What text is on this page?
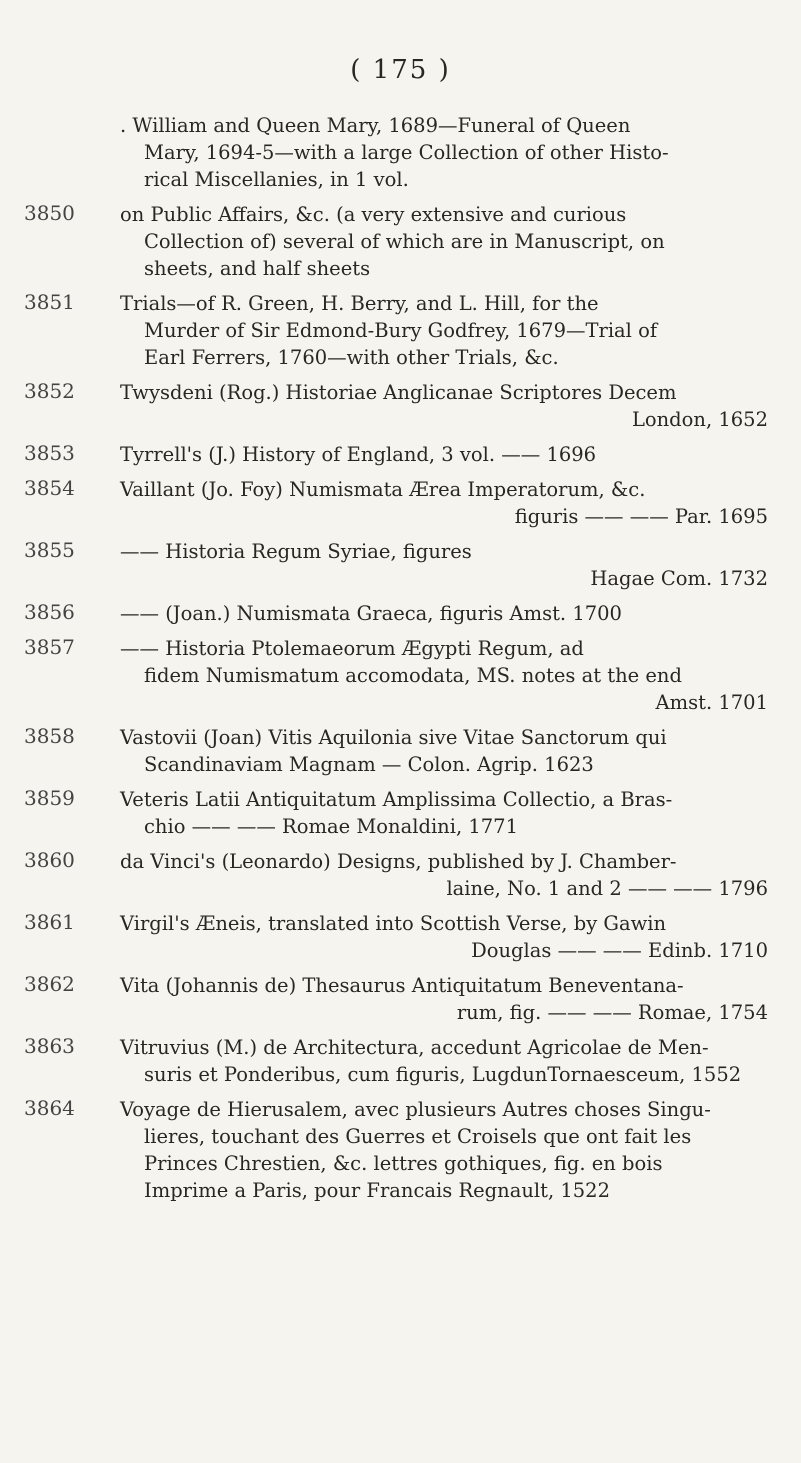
( 175 )
. William and Queen Mary, 1689—Funeral of Queen
Mary, 1694-5—with a large Collection of other Histo-
rical Miscellanies, in 1 vol.
3850	on Public Affairs, &c. (a very extensive and curious
Collection of) several of which are in Manuscript, on
sheets, and half sheets
3851	Trials—of R. Green, H. Berry, and L. Hill, for the
Murder of Sir Edmond-Bury Godfrey, 1679—Trial of
Earl Ferrers, 1760—with other Trials, &c.
3852	Twysdeni (Rog.) Historiae Anglicanae Scriptores Decem
London, 1652
3853	Tyrrell's (J.) History of England, 3 vol. —— 1696
3854	Vaillant (Jo. Foy) Numismata Ærea Imperatorum, &c.
figuris —— —— Par. 1695
3855	—— Historia Regum Syriae, figures
Hagae Com. 1732
3856	—— (Joan.) Numismata Graeca, figuris Amst. 1700
3857	—— Historia Ptolemaeorum Ægypti Regum, ad
fidem Numismatum accomodata, MS. notes at the end
Amst. 1701
3858	Vastovii (Joan) Vitis Aquilonia sive Vitae Sanctorum qui
Scandinaviam Magnam — Colon. Agrip. 1623
3859	Veteris Latii Antiquitatum Amplissima Collectio, a Bras-
chio —— —— Romae Monaldini, 1771
3860	da Vinci's (Leonardo) Designs, published by J. Chamber-
laine, No. 1 and 2 —— —— 1796
3861	Virgil's Æneis, translated into Scottish Verse, by Gawin
Douglas —— —— Edinb. 1710
3862	Vita (Johannis de) Thesaurus Antiquitatum Beneventana-
rum, fig. —— —— Romae, 1754
3863	Vitruvius (M.) de Architectura, accedunt Agricolae de Men-
suris et Ponderibus, cum figuris, LugdunTornaesceum, 1552
3864	Voyage de Hierusalem, avec plusieurs Autres choses Singu-
lieres, touchant des Guerres et Croisels que ont fait les
Princes Chrestien, &c. lettres gothiques, fig. en bois
Imprime a Paris, pour Francais Regnault, 1522
